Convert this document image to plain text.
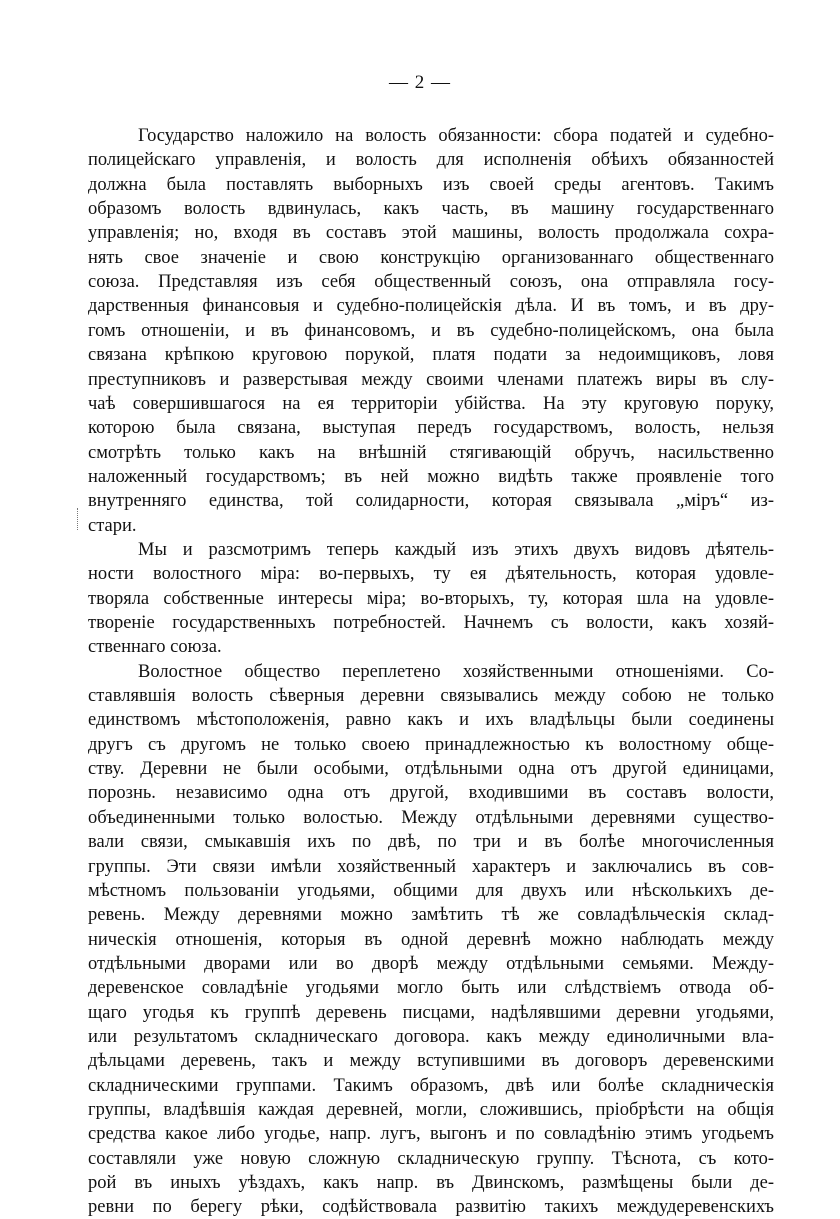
— 2 —
Государство наложило на волость обязанности: сбора податей и судебно-
полицейскаго управленія, и волость для исполненія обѣихъ обязанностей
должна была поставлять выборныхъ изъ своей среды агентовъ. Такимъ
образомъ волость вдвинулась, какъ часть, въ машину государственнаго
управленія; но, входя въ составъ этой машины, волость продолжала сохра-
нять свое значеніе и свою конструкцію организованнаго общественнаго
союза. Представляя изъ себя общественный союзъ, она отправляла госу-
дарственныя финансовыя и судебно-полицейскія дѣла. И въ томъ, и въ дру-
гомъ отношеніи, и въ финансовомъ, и въ судебно-полицейскомъ, она была
связана крѣпкою круговою порукой, платя подати за недоимщиковъ, ловя
преступниковъ и разверстывая между своими членами платежъ виры въ слу-
чаѣ совершившагося на ея территоріи убійства. На эту круговую поруку,
которою была связана, выступая передъ государствомъ, волость, нельзя
смотрѣть только какъ на внѣшній стягивающій обручъ, насильственно
наложенный государствомъ; въ ней можно видѣть также проявленіе того
внутренняго единства, той солидарности, которая связывала „міръ“ из-
стари.
Мы и разсмотримъ теперь каждый изъ этихъ двухъ видовъ дѣятель-
ности волостного міра: во-первыхъ, ту ея дѣятельность, которая удовле-
творяла собственные интересы міра; во-вторыхъ, ту, которая шла на удовле-
твореніе государственныхъ потребностей. Начнемъ съ волости, какъ хозяй-
ственнаго союза.
Волостное общество переплетено хозяйственными отношеніями. Со-
ставлявшія волость сѣверныя деревни связывались между собою не только
единствомъ мѣстоположенія, равно какъ и ихъ владѣльцы были соединены
другъ съ другомъ не только своею принадлежностью къ волостному обще-
ству. Деревни не были особыми, отдѣльными одна отъ другой единицами,
порознь. независимо одна отъ другой, входившими въ составъ волости,
объединенными только волостью. Между отдѣльными деревнями существо-
вали связи, смыкавшія ихъ по двѣ, по три и въ болѣе многочисленныя
группы. Эти связи имѣли хозяйственный характеръ и заключались въ сов-
мѣстномъ пользованіи угодьями, общими для двухъ или нѣсколькихъ де-
ревень. Между деревнями можно замѣтить тѣ же совладѣльческія склад-
ническія отношенія, которыя въ одной деревнѣ можно наблюдать между
отдѣльными дворами или во дворѣ между отдѣльными семьями. Между-
деревенское совладѣніе угодьями могло быть или слѣдствіемъ отвода об-
щаго угодья къ группѣ деревень писцами, надѣлявшими деревни угодьями,
или результатомъ складническаго договора. какъ между единоличными вла-
дѣльцами деревень, такъ и между вступившими въ договоръ деревенскими
складническими группами. Такимъ образомъ, двѣ или болѣе складническія
группы, владѣвшія каждая деревней, могли, сложившись, пріобрѣсти на общія
средства какое либо угодье, напр. лугъ, выгонъ и по совладѣнію этимъ угодьемъ
составляли уже новую сложную складническую группу. Тѣснота, съ кото-
рой въ иныхъ уѣздахъ, какъ напр. въ Двинскомъ, размѣщены были де-
ревни по берегу рѣки, содѣйствовала развитію такихъ междудеревенскихъ
